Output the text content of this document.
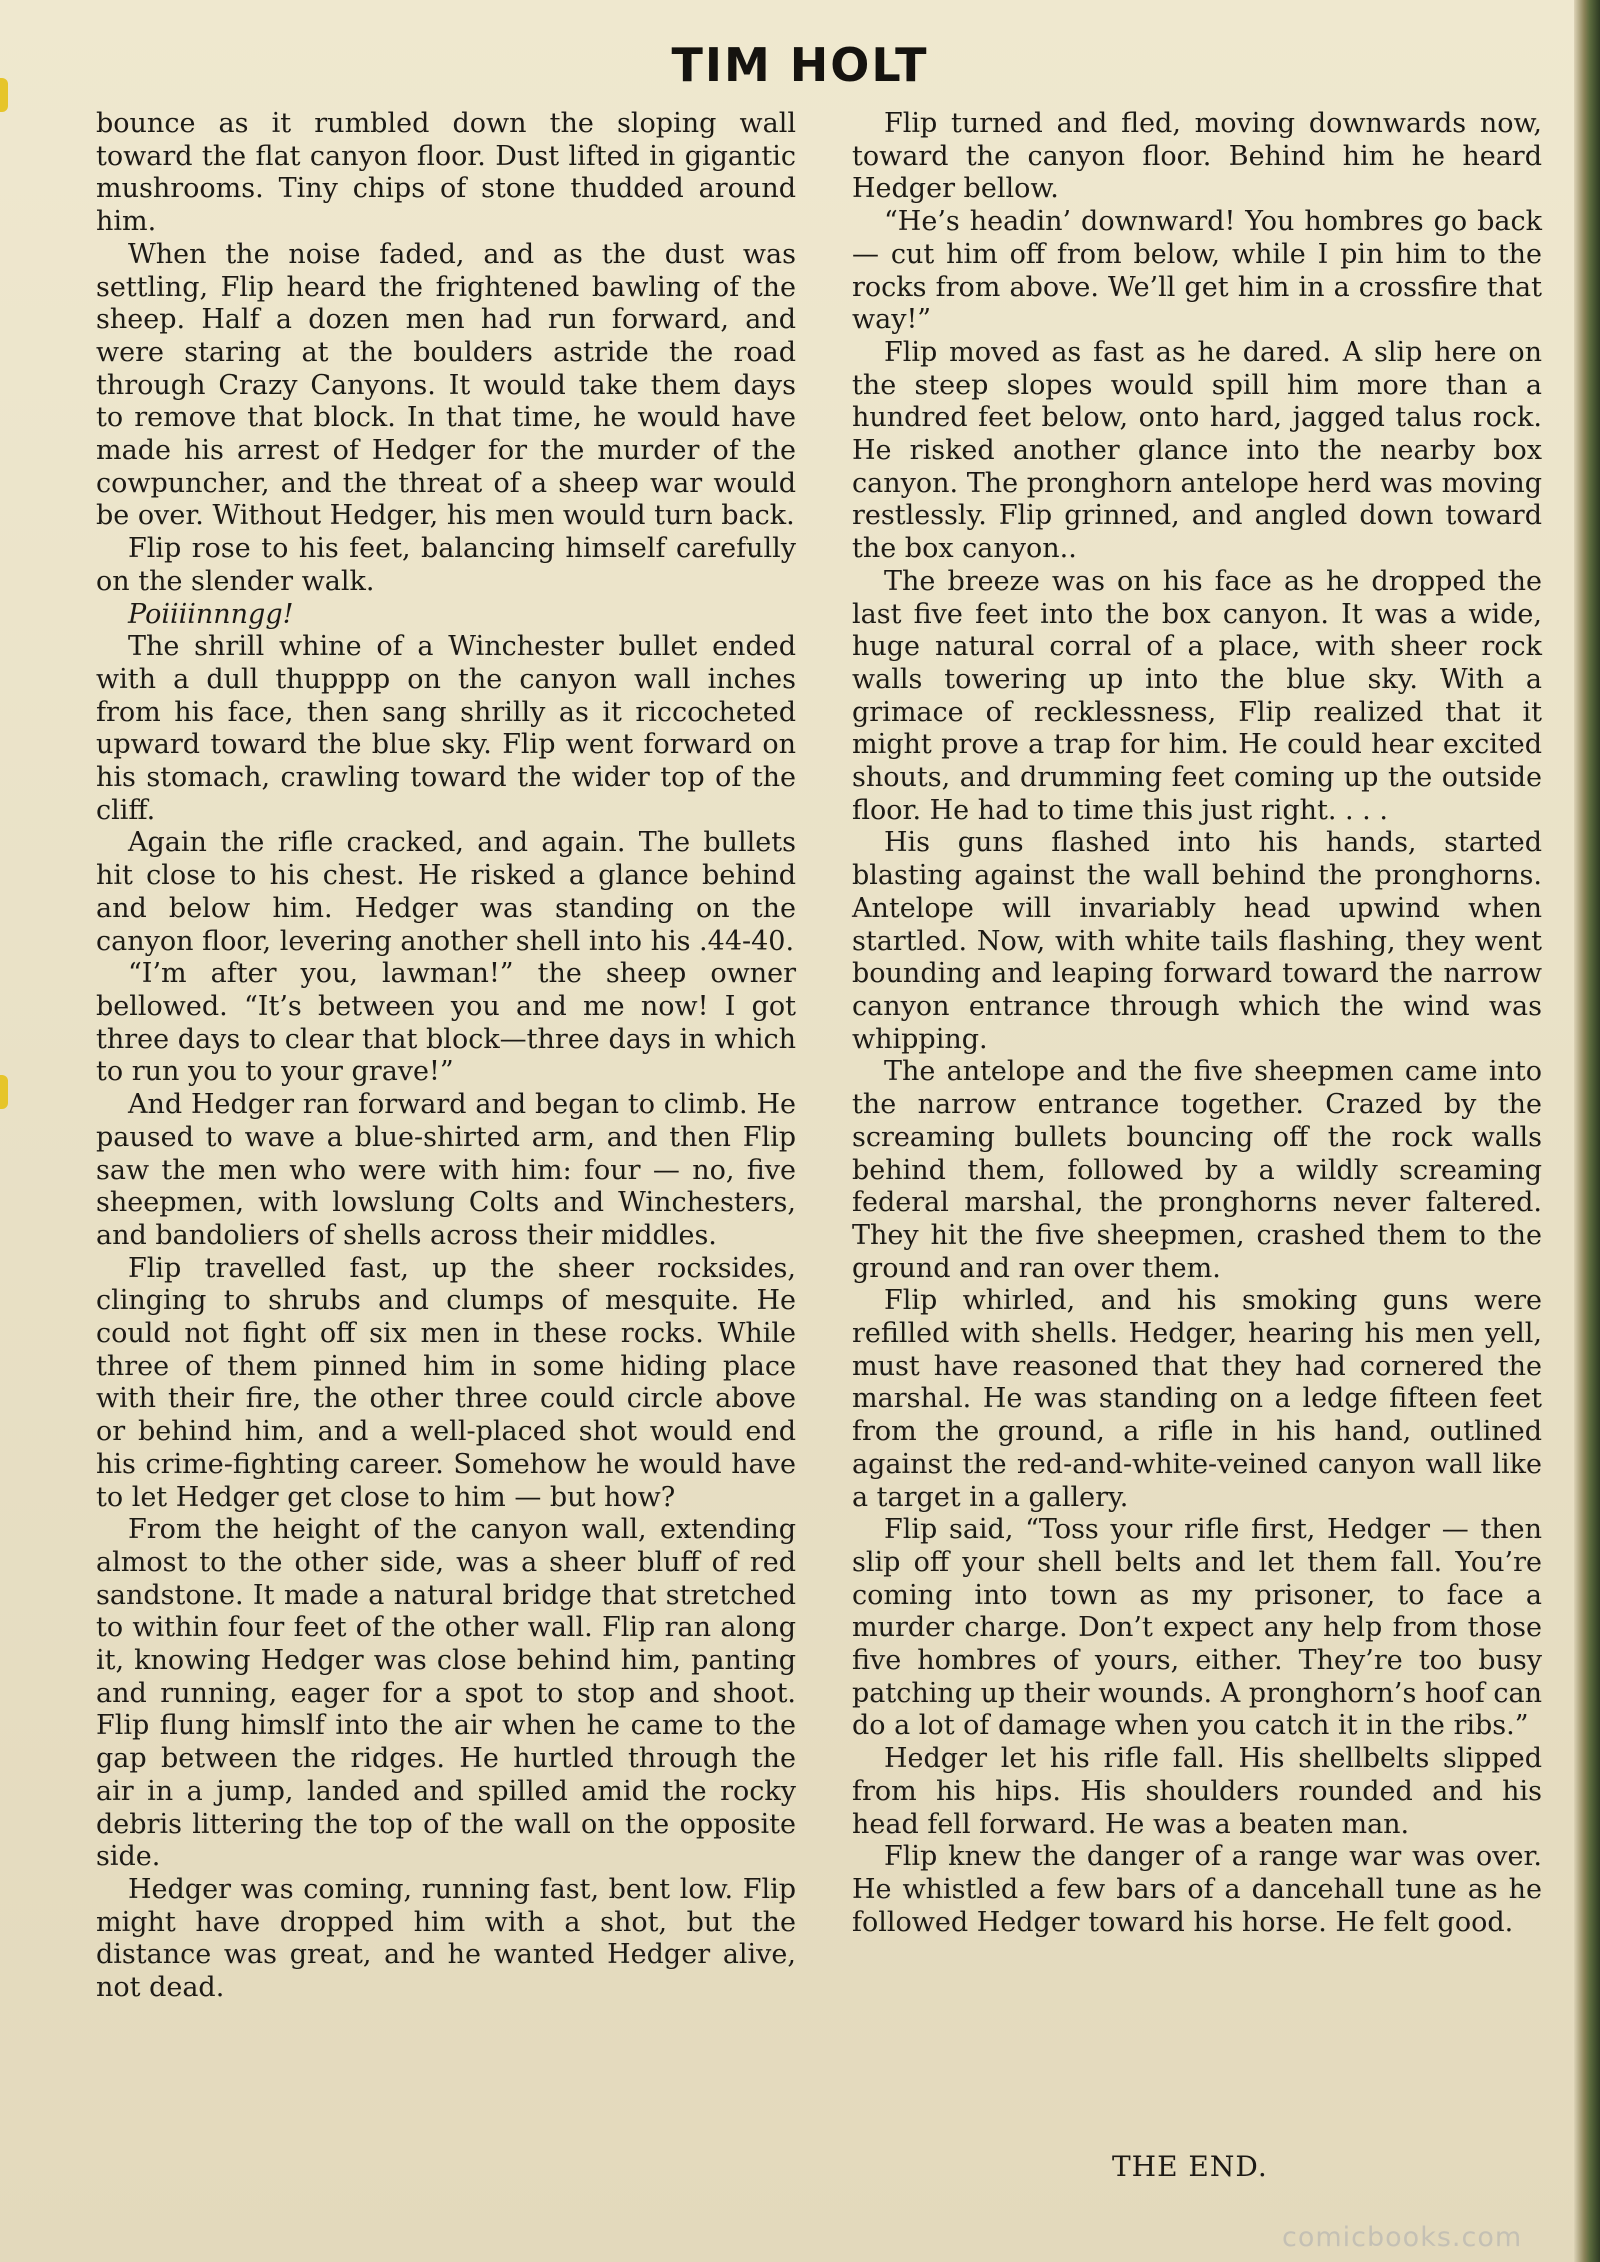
TIM HOLT

bounce as it rumbled down the sloping wall toward the flat canyon floor. Dust lifted in gigantic mushrooms. Tiny chips of stone thudded around him.

When the noise faded, and as the dust was settling, Flip heard the frightened bawling of the sheep. Half a dozen men had run forward, and were staring at the boulders astride the road through Crazy Canyons. It would take them days to remove that block. In that time, he would have made his arrest of Hedger for the murder of the cowpuncher, and the threat of a sheep war would be over. Without Hedger, his men would turn back.

Flip rose to his feet, balancing himself carefully on the slender walk.

Poiiiinnngg!

The shrill whine of a Winchester bullet ended with a dull thupppp on the canyon wall inches from his face, then sang shrilly as it riccocheted upward toward the blue sky. Flip went forward on his stomach, crawling toward the wider top of the cliff.

Again the rifle cracked, and again. The bullets hit close to his chest. He risked a glance behind and below him. Hedger was standing on the canyon floor, levering another shell into his .44-40.

“I’m after you, lawman!” the sheep owner bellowed. “It’s between you and me now! I got three days to clear that block—three days in which to run you to your grave!”

And Hedger ran forward and began to climb. He paused to wave a blue-shirted arm, and then Flip saw the men who were with him: four — no, five sheepmen, with lowslung Colts and Winchesters, and bandoliers of shells across their middles.

Flip travelled fast, up the sheer rocksides, clinging to shrubs and clumps of mesquite. He could not fight off six men in these rocks. While three of them pinned him in some hiding place with their fire, the other three could circle above or behind him, and a well-placed shot would end his crime-fighting career. Somehow he would have to let Hedger get close to him — but how?

From the height of the canyon wall, extending almost to the other side, was a sheer bluff of red sandstone. It made a natural bridge that stretched to within four feet of the other wall. Flip ran along it, knowing Hedger was close behind him, panting and running, eager for a spot to stop and shoot. Flip flung himslf into the air when he came to the gap between the ridges. He hurtled through the air in a jump, landed and spilled amid the rocky debris littering the top of the wall on the opposite side.

Hedger was coming, running fast, bent low. Flip might have dropped him with a shot, but the distance was great, and he wanted Hedger alive, not dead.

Flip turned and fled, moving downwards now, toward the canyon floor. Behind him he heard Hedger bellow.

“He’s headin’ downward! You hombres go back — cut him off from below, while I pin him to the rocks from above. We’ll get him in a crossfire that way!”

Flip moved as fast as he dared. A slip here on the steep slopes would spill him more than a hundred feet below, onto hard, jagged talus rock. He risked another glance into the nearby box canyon. The pronghorn antelope herd was moving restlessly. Flip grinned, and angled down toward the box canyon..

The breeze was on his face as he dropped the last five feet into the box canyon. It was a wide, huge natural corral of a place, with sheer rock walls towering up into the blue sky. With a grimace of recklessness, Flip realized that it might prove a trap for him. He could hear excited shouts, and drumming feet coming up the outside floor. He had to time this just right. . . .

His guns flashed into his hands, started blasting against the wall behind the pronghorns. Antelope will invariably head upwind when startled. Now, with white tails flashing, they went bounding and leaping forward toward the narrow canyon entrance through which the wind was whipping.

The antelope and the five sheepmen came into the narrow entrance together. Crazed by the screaming bullets bouncing off the rock walls behind them, followed by a wildly screaming federal marshal, the pronghorns never faltered. They hit the five sheepmen, crashed them to the ground and ran over them.

Flip whirled, and his smoking guns were refilled with shells. Hedger, hearing his men yell, must have reasoned that they had cornered the marshal. He was standing on a ledge fifteen feet from the ground, a rifle in his hand, outlined against the red-and-white-veined canyon wall like a target in a gallery.

Flip said, “Toss your rifle first, Hedger — then slip off your shell belts and let them fall. You’re coming into town as my prisoner, to face a murder charge. Don’t expect any help from those five hombres of yours, either. They’re too busy patching up their wounds. A pronghorn’s hoof can do a lot of damage when you catch it in the ribs.”

Hedger let his rifle fall. His shellbelts slipped from his hips. His shoulders rounded and his head fell forward. He was a beaten man.

Flip knew the danger of a range war was over. He whistled a few bars of a dancehall tune as he followed Hedger toward his horse. He felt good.

THE END.
comicbooks.com
